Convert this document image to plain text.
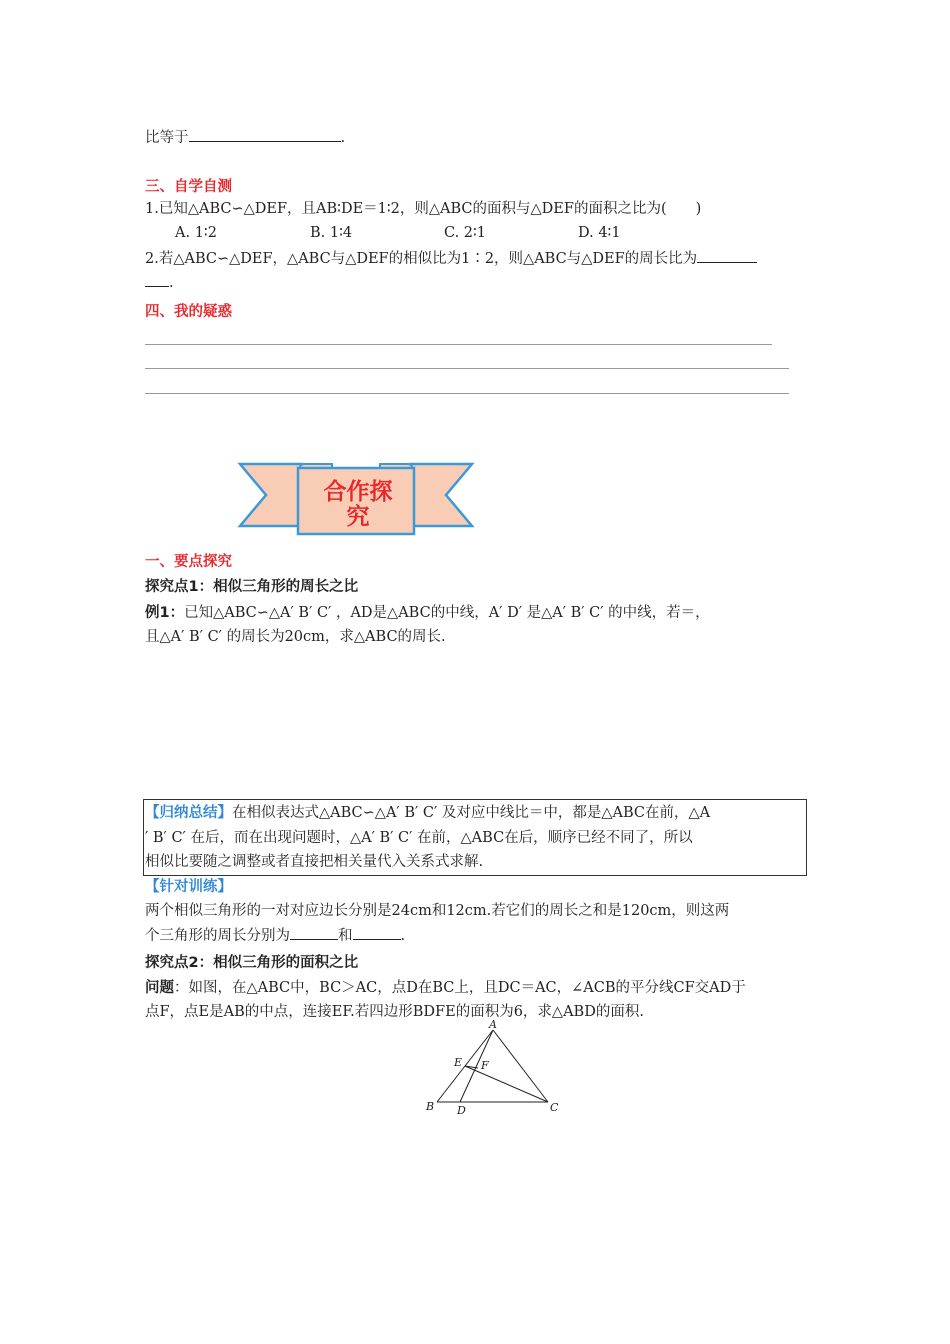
比等于	.
三、自学自测
1.已知△ABC∽△DEF，且AB∶DE＝1∶2，则△ABC的面积与△DEF的面积之比为(　　)
A. 1∶2	B. 1∶4	C. 2∶1	D. 4∶1
2.若△ABC∽△DEF，△ABC与△DEF的相似比为1∶2，则△ABC与△DEF的周长比为
.
四、我的疑惑
合作探
究
一、要点探究
探究点1：相似三角形的周长之比
例1：已知△ABC∽△A′ B′ C′ ，AD是△ABC的中线，A′ D′ 是△A′ B′ C′ 的中线，若＝，
且△A′ B′ C′ 的周长为20cm，求△ABC的周长.
【归纳总结】在相似表达式△ABC∽△A′ B′ C′ 及对应中线比＝中，都是△ABC在前，△A
′ B′ C′ 在后，而在出现问题时，△A′ B′ C′ 在前，△ABC在后，顺序已经不同了，所以
相似比要随之调整或者直接把相关量代入关系式求解.
【针对训练】
两个相似三角形的一对对应边长分别是24cm和12cm.若它们的周长之和是120cm，则这两
个三角形的周长分别为	和	.
探究点2：相似三角形的面积之比
问题：如图，在△ABC中，BC＞AC，点D在BC上，且DC＝AC，∠ACB的平分线CF交AD于
点F，点E是AB的中点，连接EF.若四边形BDFE的面积为6，求△ABD的面积.
A
B	C
D
E F
